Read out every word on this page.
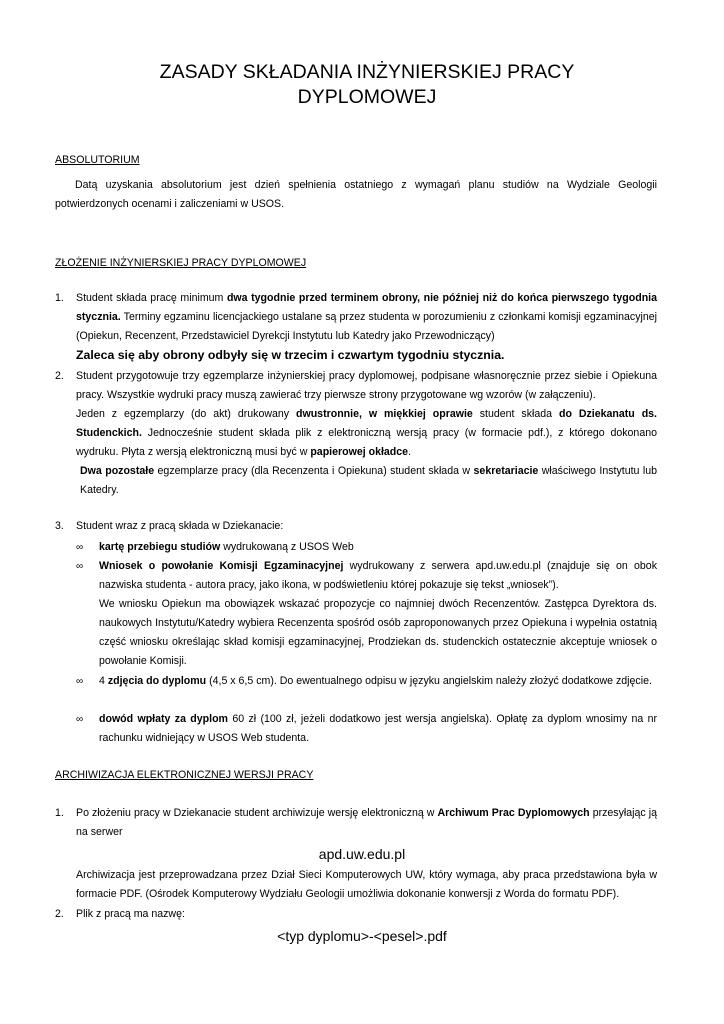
ZASADY SKŁADANIA INŻYNIERSKIEJ PRACY
DYPLOMOWEJ
ABSOLUTORIUM
Datą uzyskania absolutorium jest dzień spełnienia ostatniego z wymagań planu studiów na Wydziale Geologii potwierdzonych ocenami i zaliczeniami w USOS.
ZŁOŻENIE INŻYNIERSKIEJ PRACY DYPLOMOWEJ
1. Student składa pracę minimum dwa tygodnie przed terminem obrony, nie później niż do końca pierwszego tygodnia stycznia. Terminy egzaminu licencjackiego ustalane są przez studenta w porozumieniu z członkami komisji egzaminacyjnej (Opiekun, Recenzent, Przedstawiciel Dyrekcji Instytutu lub Katedry jako Przewodniczący)
Zaleca się aby obrony odbyły się w trzecim i czwartym tygodniu stycznia.
2. Student przygotowuje trzy egzemplarze inżynierskiej pracy dyplomowej, podpisane własnoręcznie przez siebie i Opiekuna pracy. Wszystkie wydruki pracy muszą zawierać trzy pierwsze strony przygotowane wg wzorów (w załączeniu).
Jeden z egzemplarzy (do akt) drukowany dwustronnie, w miękkiej oprawie student składa do Dziekanatu ds. Studenckich. Jednocześnie student składa plik z elektroniczną wersją pracy (w formacie pdf.), z którego dokonano wydruku. Płyta z wersją elektroniczną musi być w papierowej okładce.
Dwa pozostałe egzemplarze pracy (dla Recenzenta i Opiekuna) student składa w sekretariacie właściwego Instytutu lub Katedry.
3. Student wraz z pracą składa w Dziekanacie:
∞ kartę przebiegu studiów wydrukowaną z USOS Web
∞ Wniosek o powołanie Komisji Egzaminacyjnej wydrukowany z serwera apd.uw.edu.pl (znajduje się on obok nazwiska studenta - autora pracy, jako ikona, w podświetleniu której pokazuje się tekst „wniosek”).
We wniosku Opiekun ma obowiązek wskazać propozycje co najmniej dwóch Recenzentów. Zastępca Dyrektora ds. naukowych Instytutu/Katedry wybiera Recenzenta spośród osób zaproponowanych przez Opiekuna i wypełnia ostatnią część wniosku określając skład komisji egzaminacyjnej, Prodziekan ds. studenckich ostatecznie akceptuje wniosek o powołanie Komisji.
∞ 4 zdjęcia do dyplomu (4,5 x 6,5 cm). Do ewentualnego odpisu w języku angielskim należy złożyć dodatkowe zdjęcie.
∞ dowód wpłaty za dyplom 60 zł (100 zł, jeżeli dodatkowo jest wersja angielska). Opłatę za dyplom wnosimy na nr rachunku widniejący w USOS Web studenta.
ARCHIWIZACJA ELEKTRONICZNEJ WERSJI PRACY
1. Po złożeniu pracy w Dziekanacie student archiwizuje wersję elektroniczną w Archiwum Prac Dyplomowych przesyłając ją na serwer
apd.uw.edu.pl
Archiwizacja jest przeprowadzana przez Dział Sieci Komputerowych UW, który wymaga, aby praca przedstawiona była w formacie PDF. (Ośrodek Komputerowy Wydziału Geologii umożliwia dokonanie konwersji z Worda do formatu PDF).
2. Plik z pracą ma nazwę:
<typ dyplomu>-<pesel>.pdf
